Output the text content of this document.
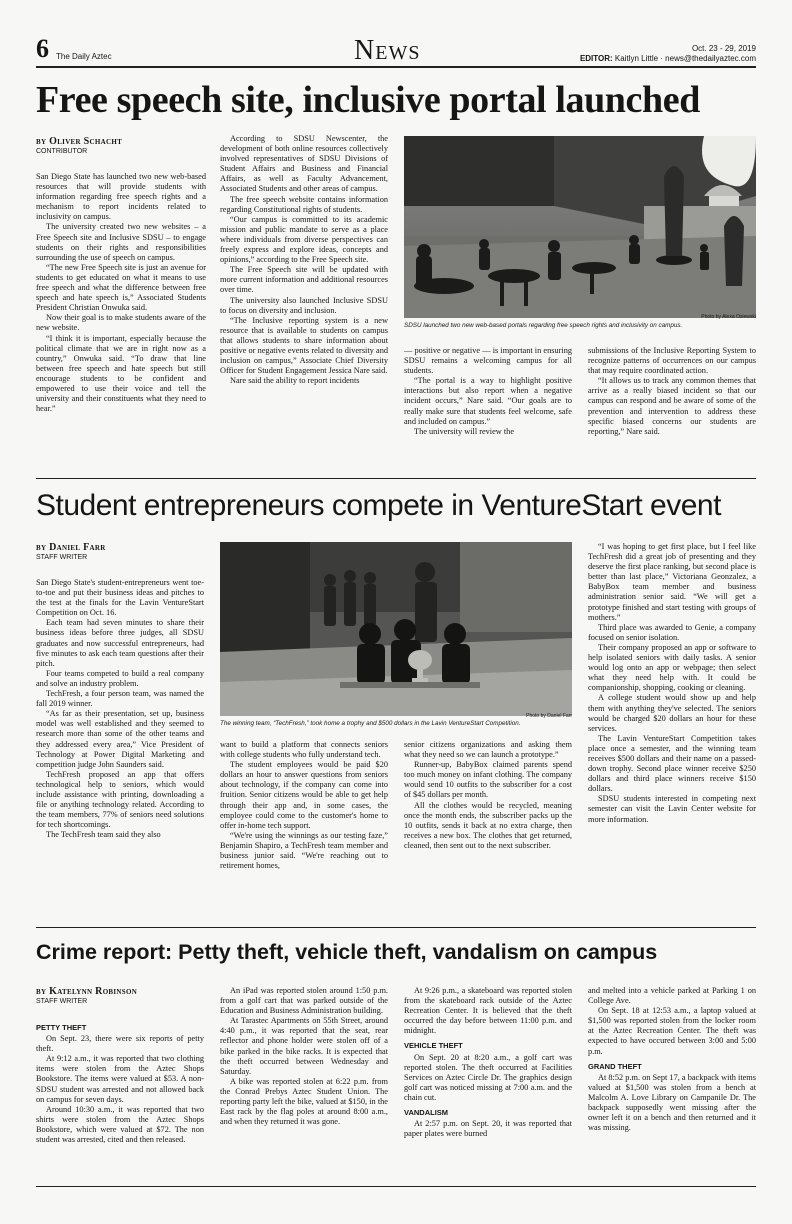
6 The Daily Aztec	News	Oct. 23 - 29, 2019
EDITOR: Kaitlyn Little · news@thedailyaztec.com
Free speech site, inclusive portal launched
by Oliver Schacht
CONTRIBUTOR

San Diego State has launched two new web-based resources that will provide students with information regarding free speech rights and a mechanism to report incidents related to inclusivity on campus.

The university created two new websites – a Free Speech site and Inclusive SDSU – to engage students on their rights and responsibilities surrounding the use of speech on campus.

“The new Free Speech site is just an avenue for students to get educated on what it means to use free speech and what the difference between free speech and hate speech is,” Associated Students President Christian Onwuka said.

Now their goal is to make students aware of the new website.

“I think it is important, especially because the political climate that we are in right now as a country,” Onwuka said. “To draw that line between free speech and hate speech but still encourage students to be confident and empowered to use their voice and tell the university and their constituents what they need to hear.”

According to SDSU Newscenter, the development of both online resources collectively involved representatives of SDSU Divisions of Student Affairs and Business and Financial Affairs, as well as Faculty Advancement, Associated Students and other areas of campus.

The free speech website contains information regarding Constitutional rights of students.

“Our campus is committed to its academic mission and public mandate to serve as a place where individuals from diverse perspectives can freely express and explore ideas, concepts and opinions,” according to the Free Speech site.

The Free Speech site will be updated with more current information and additional resources over time.

The university also launched Inclusive SDSU to focus on diversity and inclusion.

“The Inclusive reporting system is a new resource that is available to students on campus that allows students to share information about positive or negative events related to diversity and inclusion on campus,” Associate Chief Diversity Officer for Student Engagement Jessica Nare said.

Nare said the ability to report incidents

Photo by Alexa Osiewski
SDSU launched two new web-based portals regarding free speech rights and inclusivity on campus.

— positive or negative — is important in ensuring SDSU remains a welcoming campus for all students.

“The portal is a way to highlight positive interactions but also report when a negative incident occurs,” Nare said. “Our goals are to really make sure that students feel welcome, safe and included on campus.”

The university will review the

submissions of the Inclusive Reporting System to recognize patterns of occurrences on our campus that may require coordinated action.

“It allows us to track any common themes that arrive as a really biased incident so that our campus can respond and be aware of some of the prevention and intervention to address these specific biased concerns our students are reporting,” Nare said.

Student entrepreneurs compete in VentureStart event
by Daniel Farr
STAFF WRITER

San Diego State's student-entrepreneurs went toe-to-toe and put their business ideas and pitches to the test at the finals for the Lavin VentureStart Competition on Oct. 16.

Each team had seven minutes to share their business ideas before three judges, all SDSU graduates and now successful entrepreneurs, had five minutes to ask each team questions after their pitch.

Four teams competed to build a real company and solve an industry problem.

TechFresh, a four person team, was named the fall 2019 winner.

“As far as their presentation, set up, business model was well established and they seemed to research more than some of the other teams and they addressed every area,” Vice President of Technology at Power Digital Marketing and competition judge John Saunders said.

TechFresh proposed an app that offers technological help to seniors, which would include assistance with printing, downloading a file or anything technology related. According to the team members, 77% of seniors need solutions for tech shortcomings.

The TechFresh team said they also

Photo by Daniel Farr
The winning team, “TechFresh,” took home a trophy and $500 dollars in the Lavin VentureStart Competition.

want to build a platform that connects seniors with college students who fully understand tech.

The student employees would be paid $20 dollars an hour to answer questions from seniors about technology, if the company can come into fruition. Senior citizens would be able to get help through their app and, in some cases, the employee could come to the customer's home to offer in-home tech support.

“We're using the winnings as our testing faze,” Benjamin Shapiro, a TechFresh team member and business junior said. “We're reaching out to retirement homes,

senior citizens organizations and asking them what they need so we can launch a prototype.”

Runner-up, BabyBox claimed parents spend too much money on infant clothing. The company would send 10 outfits to the subscriber for a cost of $45 dollars per month.

All the clothes would be recycled, meaning once the month ends, the subscriber packs up the 10 outfits, sends it back at no extra charge, then receives a new box. The clothes that get returned, cleaned, then sent out to the next subscriber.

“I was hoping to get first place, but I feel like TechFresh did a great job of presenting and they deserve the first place ranking, but second place is better than last place,” Victoriana Geonzalez, a BabyBox team member and business administration senior said. “We will get a prototype finished and start testing with groups of mothers.”

Third place was awarded to Genie, a company focused on senior isolation.

Their company proposed an app or software to help isolated seniors with daily tasks. A senior would log onto an app or webpage; then select what they need help with. It could be companionship, shopping, cooking or cleaning.

A college student would show up and help them with anything they've selected. The seniors would be charged $20 dollars an hour for these services.

The Lavin VentureStart Competition takes place once a semester, and the winning team receives $500 dollars and their name on a passed-down trophy. Second place winner receive $250 dollars and third place winners receive $150 dollars.

SDSU students interested in competing next semester can visit the Lavin Center website for more information.

Crime report: Petty theft, vehicle theft, vandalism on campus
by Katelynn Robinson
STAFF WRITER

PETTY THEFT

On Sept. 23, there were six reports of petty theft.

At 9:12 a.m., it was reported that two clothing items were stolen from the Aztec Shops Bookstore. The items were valued at $53. A non-SDSU student was arrested and not allowed back on campus for seven days.

Around 10:30 a.m., it was reported that two shirts were stolen from the Aztec Shops Bookstore, which were valued at $72. The non student was arrested, cited and then released.

An iPad was reported stolen around 1:50 p.m. from a golf cart that was parked outside of the Education and Business Administration building.

At Tarastec Apartments on 55th Street, around 4:40 p.m., it was reported that the seat, rear reflector and phone holder were stolen off of a bike parked in the bike racks. It is expected that the theft occurred between Wednesday and Saturday.

A bike was reported stolen at 6:22 p.m. from the Conrad Prebys Aztec Student Union. The reporting party left the bike, valued at $150, in the East rack by the flag poles at around 8:00 a.m., and when they returned it was gone.

At 9:26 p.m., a skateboard was reported stolen from the skateboard rack outside of the Aztec Recreation Center. It is believed that the theft occurred the day before between 11:00 p.m. and midnight.

VEHICLE THEFT

On Sept. 20 at 8:20 a.m., a golf cart was reported stolen. The theft occurred at Facilities Services on Aztec Circle Dr. The graphics design golf cart was noticed missing at 7:00 a.m. and the chain cut.

VANDALISM

At 2:57 p.m. on Sept. 20, it was reported that paper plates were burned

and melted into a vehicle parked at Parking 1 on College Ave.

On Sept. 18 at 12:53 a.m., a laptop valued at $1,500 was reported stolen from the locker room at the Aztec Recreation Center. The theft was expected to have occured between 3:00 and 5:00 p.m.

GRAND THEFT

At 8:52 p.m. on Sept 17, a backpack with items valued at $1,500 was stolen from a bench at Malcolm A. Love Library on Campanile Dr. The backpack supposedly went missing after the owner left it on a bench and then returned and it was missing.
